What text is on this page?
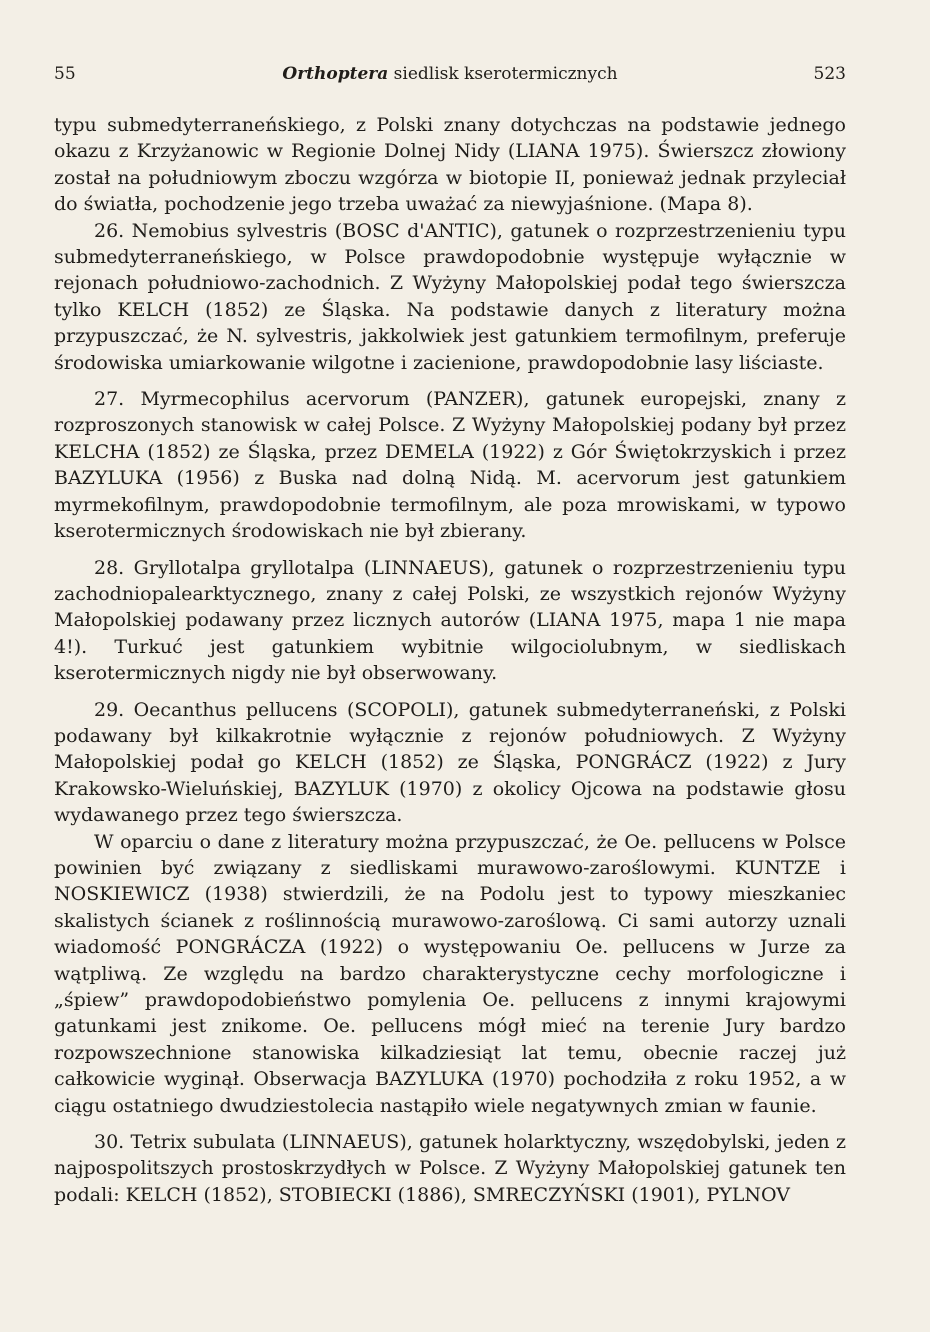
55	Orthoptera siedlisk kserotermicznych	523

typu submedyterraneńskiego, z Polski znany dotychczas na podstawie jednego okazu z Krzyżanowic w Regionie Dolnej Nidy (LIANA 1975). Świerszcz złowiony został na południowym zboczu wzgórza w biotopie II, ponieważ jednak przyleciał do światła, pochodzenie jego trzeba uważać za niewyjaśnione. (Mapa 8).

26. Nemobius sylvestris (BOSC d'ANTIC), gatunek o rozprzestrzenieniu typu submedyterraneńskiego, w Polsce prawdopodobnie występuje wyłącznie w rejonach południowo-zachodnich. Z Wyżyny Małopolskiej podał tego świerszcza tylko KELCH (1852) ze Śląska. Na podstawie danych z literatury można przypuszczać, że N. sylvestris, jakkolwiek jest gatunkiem termofilnym, preferuje środowiska umiarkowanie wilgotne i zacienione, prawdopodobnie lasy liściaste.

27. Myrmecophilus acervorum (PANZER), gatunek europejski, znany z rozproszonych stanowisk w całej Polsce. Z Wyżyny Małopolskiej podany był przez KELCHA (1852) ze Śląska, przez DEMELA (1922) z Gór Świętokrzyskich i przez BAZYLUKA (1956) z Buska nad dolną Nidą. M. acervorum jest gatunkiem myrmekofilnym, prawdopodobnie termofilnym, ale poza mrowiskami, w typowo kserotermicznych środowiskach nie był zbierany.

28. Gryllotalpa gryllotalpa (LINNAEUS), gatunek o rozprzestrzenieniu typu zachodniopalearktycznego, znany z całej Polski, ze wszystkich rejonów Wyżyny Małopolskiej podawany przez licznych autorów (LIANA 1975, mapa 1 nie mapa 4!). Turkuć jest gatunkiem wybitnie wilgociolubnym, w siedliskach kserotermicznych nigdy nie był obserwowany.

29. Oecanthus pellucens (SCOPOLI), gatunek submedyterraneński, z Polski podawany był kilkakrotnie wyłącznie z rejonów południowych. Z Wyżyny Małopolskiej podał go KELCH (1852) ze Śląska, PONGRÁCZ (1922) z Jury Krakowsko-Wieluńskiej, BAZYLUK (1970) z okolicy Ojcowa na podstawie głosu wydawanego przez tego świerszcza.

W oparciu o dane z literatury można przypuszczać, że Oe. pellucens w Polsce powinien być związany z siedliskami murawowo-zaroślowymi. KUNTZE i NOSKIEWICZ (1938) stwierdzili, że na Podolu jest to typowy mieszkaniec skalistych ścianek z roślinnością murawowo-zaroślową. Ci sami autorzy uznali wiadomość PONGRÁCZA (1922) o występowaniu Oe. pellucens w Jurze za wątpliwą. Ze względu na bardzo charakterystyczne cechy morfologiczne i „śpiew” prawdopodobieństwo pomylenia Oe. pellucens z innymi krajowymi gatunkami jest znikome. Oe. pellucens mógł mieć na terenie Jury bardzo rozpowszechnione stanowiska kilkadziesiąt lat temu, obecnie raczej już całkowicie wyginął. Obserwacja BAZYLUKA (1970) pochodziła z roku 1952, a w ciągu ostatniego dwudziestolecia nastąpiło wiele negatywnych zmian w faunie.

30. Tetrix subulata (LINNAEUS), gatunek holarktyczny, wszędobylski, jeden z najpospolitszych prostoskrzydłych w Polsce. Z Wyżyny Małopolskiej gatunek ten podali: KELCH (1852), STOBIECKI (1886), SMRECZYŃSKI (1901), PYLNOV
